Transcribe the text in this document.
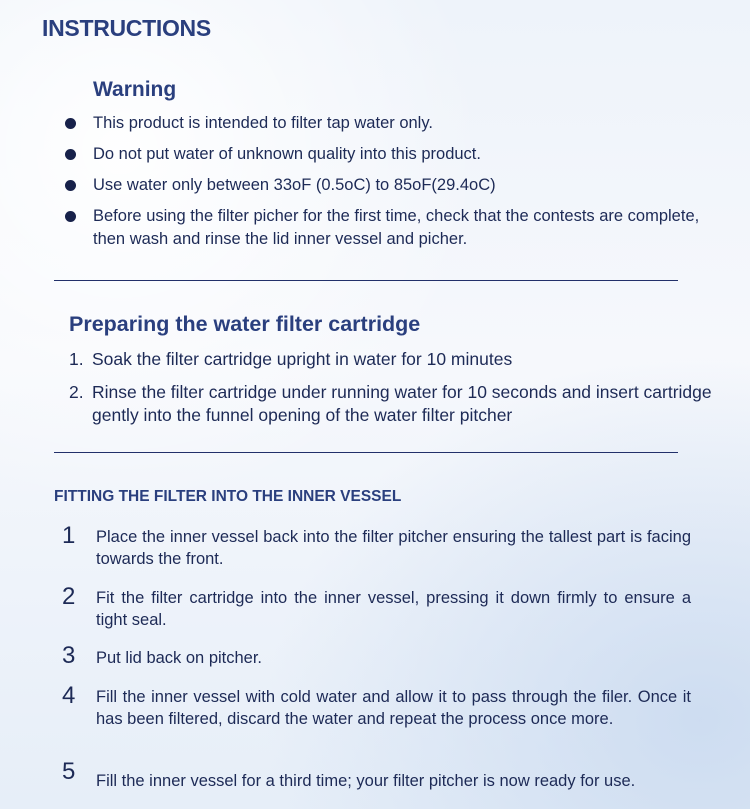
INSTRUCTIONS
Warning
This product is intended to filter tap water only.
Do not put water of unknown quality into this product.
Use water only between 33oF (0.5oC) to 85oF(29.4oC)
Before using the filter picher for the first time, check that the contests are complete, then wash and rinse the lid inner vessel and picher.
Preparing the water filter cartridge
1. Soak the filter cartridge upright in water for 10 minutes
2. Rinse the filter cartridge under running water for 10 seconds and insert cartridge gently into the funnel opening of the water filter pitcher
FITTING THE FILTER INTO THE INNER VESSEL
1 Place the inner vessel back into the filter pitcher ensuring the tallest part is facing towards the front.
2 Fit the filter cartridge into the inner vessel, pressing it down firmly to ensure a tight seal.
3 Put lid back on pitcher.
4 Fill the inner vessel with cold water and allow it to pass through the filer. Once it has been filtered, discard the water and repeat the process once more.
5 Fill the inner vessel for a third time; your filter pitcher is now ready for use.
